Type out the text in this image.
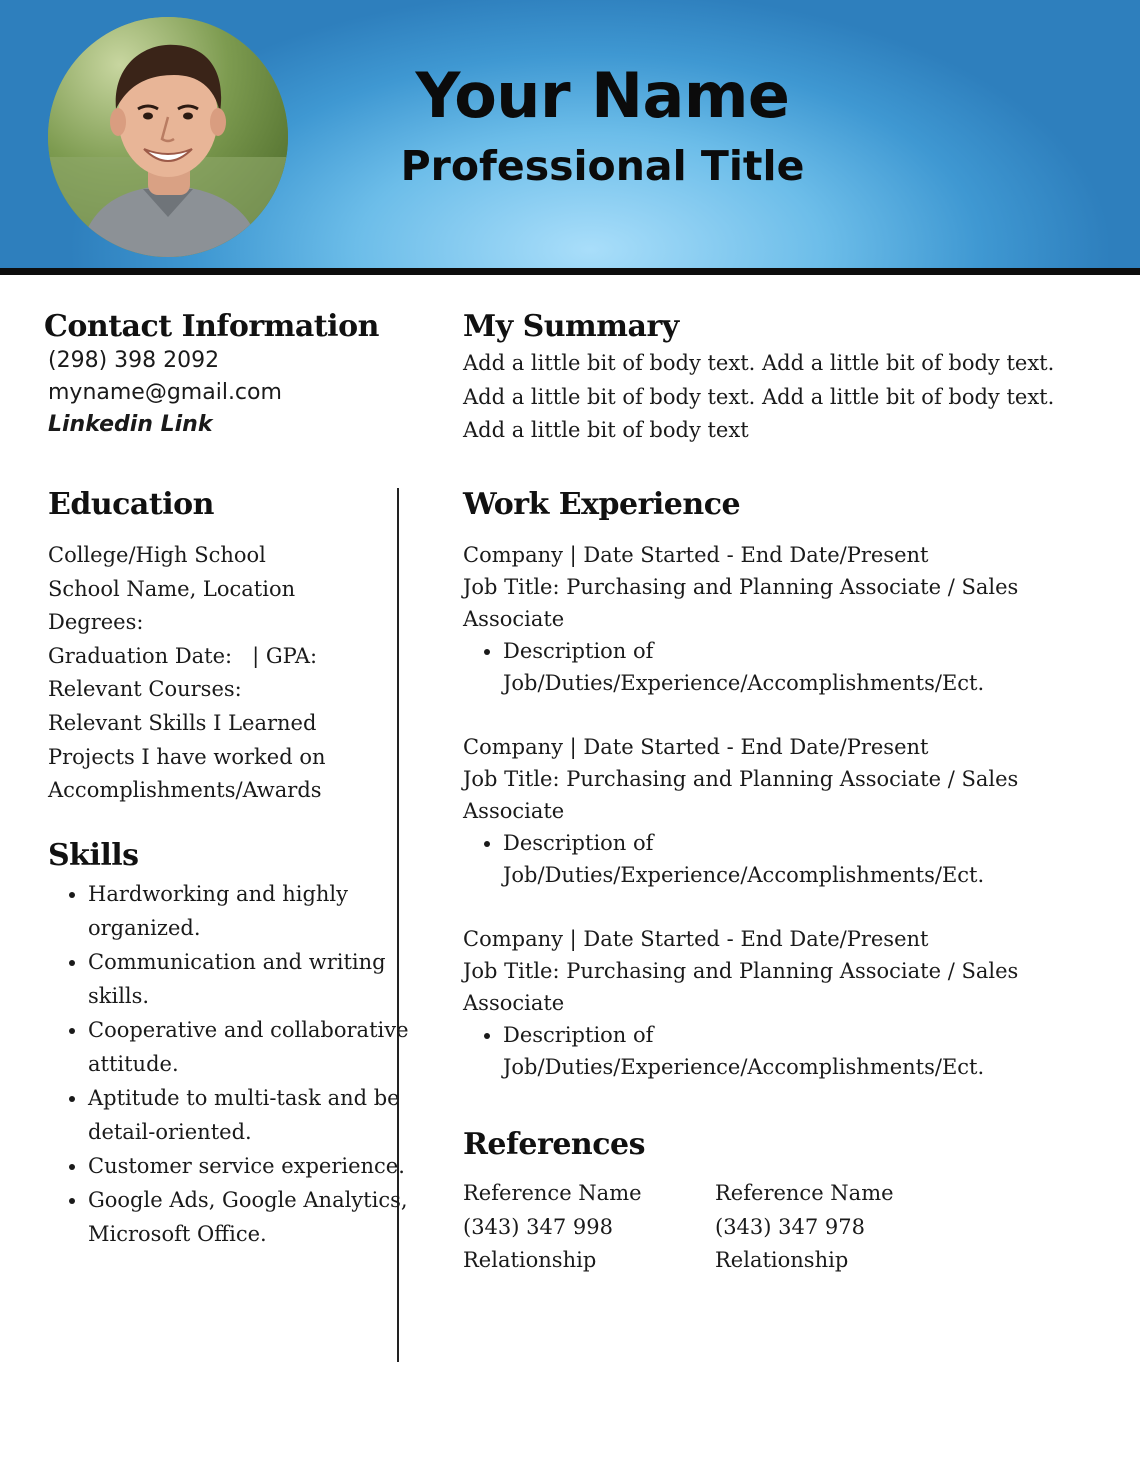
Your Name
Professional Title
Contact Information
(298) 398 2092
myname@gmail.com
Linkedin Link
My Summary

Add a little bit of body text. Add a little bit of body text. Add a little bit of body text. Add a little bit of body text. Add a little bit of body text

Education
College/High School
School Name, Location
Degrees:
Graduation Date:   | GPA:
Relevant Courses:
Relevant Skills I Learned
Projects I have worked on
Accomplishments/Awards
Skills
• Hardworking and highly organized.
• Communication and writing skills.
• Cooperative and collaborative attitude.
• Aptitude to multi-task and be detail-oriented.
• Customer service experience.
• Google Ads, Google Analytics, Microsoft Office.
Work Experience
Company | Date Started - End Date/Present
Job Title: Purchasing and Planning Associate / Sales
Associate
• Description of
Job/Duties/Experience/Accomplishments/Ect.
Company | Date Started - End Date/Present
Job Title: Purchasing and Planning Associate / Sales
Associate
• Description of
Job/Duties/Experience/Accomplishments/Ect.
Company | Date Started - End Date/Present
Job Title: Purchasing and Planning Associate / Sales
Associate
• Description of
Job/Duties/Experience/Accomplishments/Ect.
References
Reference Name
(343) 347 998
Relationship
Reference Name
(343) 347 978
Relationship
